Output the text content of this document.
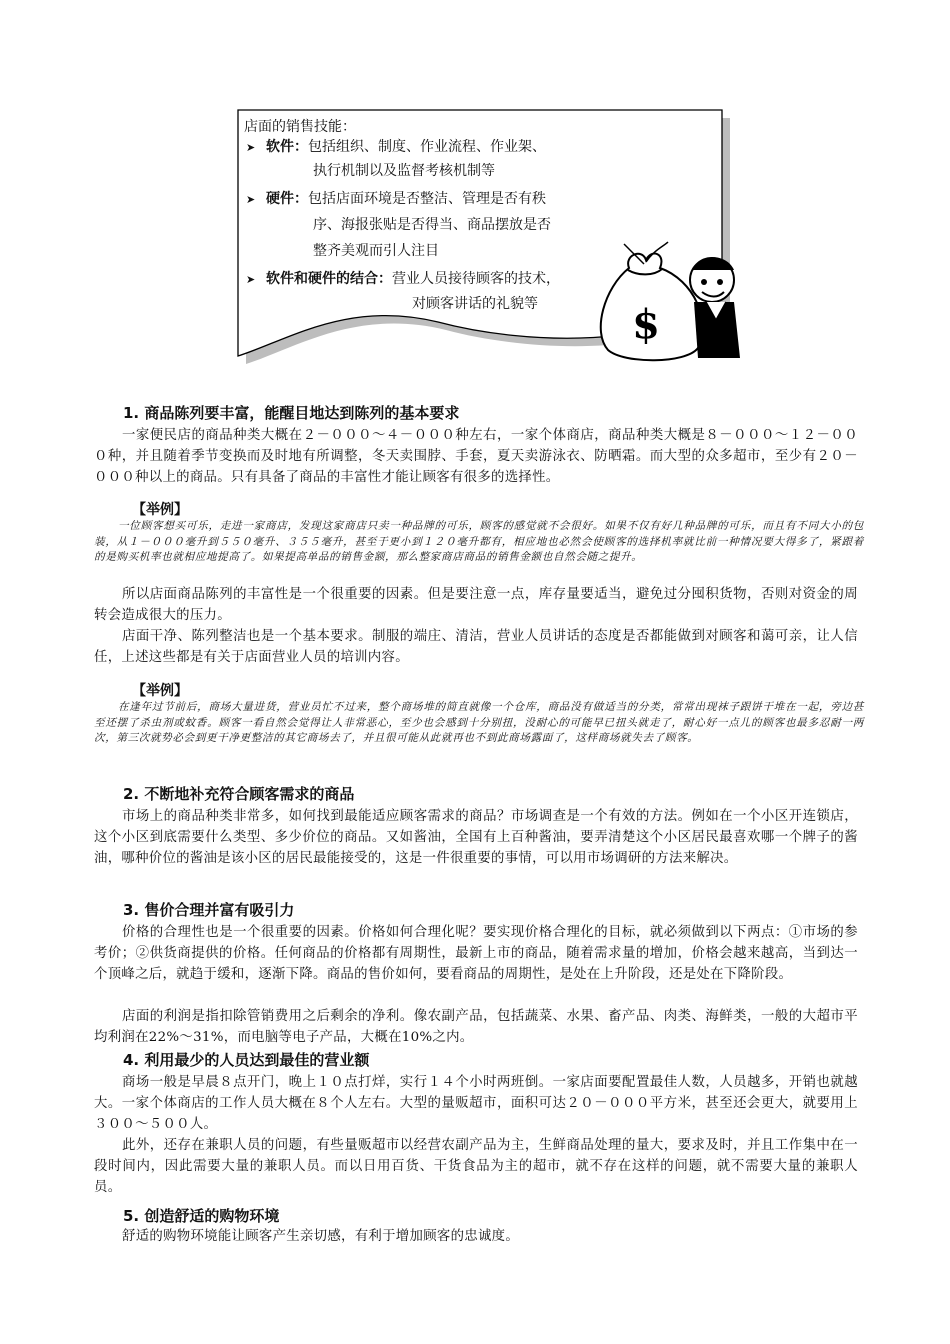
店面的销售技能：
➤ 软件：包括组织、制度、作业流程、作业架、
执行机制以及监督考核机制等
➤ 硬件：包括店面环境是否整洁、管理是否有秩
序、海报张贴是否得当、商品摆放是否
整齐美观而引人注目
➤ 软件和硬件的结合：营业人员接待顾客的技术，
对顾客讲话的礼貌等 $
1. 商品陈列要丰富，能醒目地达到陈列的基本要求
一家便民店的商品种类大概在２－０００～４－０００种左右，一家个体商店，商品种类大概是８－０００～１２－０００种，并且随着季节变换而及时地有所调整，冬天卖围脖、手套，夏天卖游泳衣、防晒霜。而大型的众多超市，至少有２０－０００种以上的商品。只有具备了商品的丰富性才能让顾客有很多的选择性。
【举例】
一位顾客想买可乐，走进一家商店，发现这家商店只卖一种品牌的可乐，顾客的感觉就不会很好。如果不仅有好几种品牌的可乐，而且有不同大小的包装，从１－０００毫升到５５０毫升、３５５毫升，甚至于更小到１２０毫升都有，相应地也必然会使顾客的选择机率就比前一种情况要大得多了，紧跟着的是购买机率也就相应地提高了。如果提高单品的销售金额，那么整家商店商品的销售金额也自然会随之提升。
所以店面商品陈列的丰富性是一个很重要的因素。但是要注意一点，库存量要适当，避免过分囤积货物，否则对资金的周转会造成很大的压力。
店面干净、陈列整洁也是一个基本要求。制服的端庄、清洁，营业人员讲话的态度是否都能做到对顾客和蔼可亲，让人信任，上述这些都是有关于店面营业人员的培训内容。
【举例】
在逢年过节前后，商场大量进货，营业员忙不过来，整个商场堆的简直就像一个仓库，商品没有做适当的分类，常常出现袜子跟饼干堆在一起，旁边甚至还摆了杀虫剂或蚊香。顾客一看自然会觉得让人非常恶心，至少也会感到十分别扭，没耐心的可能早已扭头就走了，耐心好一点儿的顾客也最多忍耐一两次，第三次就势必会到更干净更整洁的其它商场去了，并且很可能从此就再也不到此商场露面了，这样商场就失去了顾客。
2. 不断地补充符合顾客需求的商品
市场上的商品种类非常多，如何找到最能适应顾客需求的商品？市场调查是一个有效的方法。例如在一个小区开连锁店，这个小区到底需要什么类型、多少价位的商品。又如酱油，全国有上百种酱油，要弄清楚这个小区居民最喜欢哪一个牌子的酱油，哪种价位的酱油是该小区的居民最能接受的，这是一件很重要的事情，可以用市场调研的方法来解决。
3. 售价合理并富有吸引力
价格的合理性也是一个很重要的因素。价格如何合理化呢？要实现价格合理化的目标，就必须做到以下两点：①市场的参考价；②供货商提供的价格。任何商品的价格都有周期性，最新上市的商品，随着需求量的增加，价格会越来越高，当到达一个顶峰之后，就趋于缓和，逐渐下降。商品的售价如何，要看商品的周期性，是处在上升阶段，还是处在下降阶段。
店面的利润是指扣除管销费用之后剩余的净利。像农副产品，包括蔬菜、水果、畜产品、肉类、海鲜类，一般的大超市平均利润在22%～31%，而电脑等电子产品，大概在10%之内。
4. 利用最少的人员达到最佳的营业额
商场一般是早晨８点开门，晚上１０点打烊，实行１４个小时两班倒。一家店面要配置最佳人数，人员越多，开销也就越大。一家个体商店的工作人员大概在８个人左右。大型的量贩超市，面积可达２０－０００平方米，甚至还会更大，就要用上３００～５００人。
此外，还存在兼职人员的问题，有些量贩超市以经营农副产品为主，生鲜商品处理的量大，要求及时，并且工作集中在一段时间内，因此需要大量的兼职人员。而以日用百货、干货食品为主的超市，就不存在这样的问题，就不需要大量的兼职人员。
5. 创造舒适的购物环境
舒适的购物环境能让顾客产生亲切感，有利于增加顾客的忠诚度。
